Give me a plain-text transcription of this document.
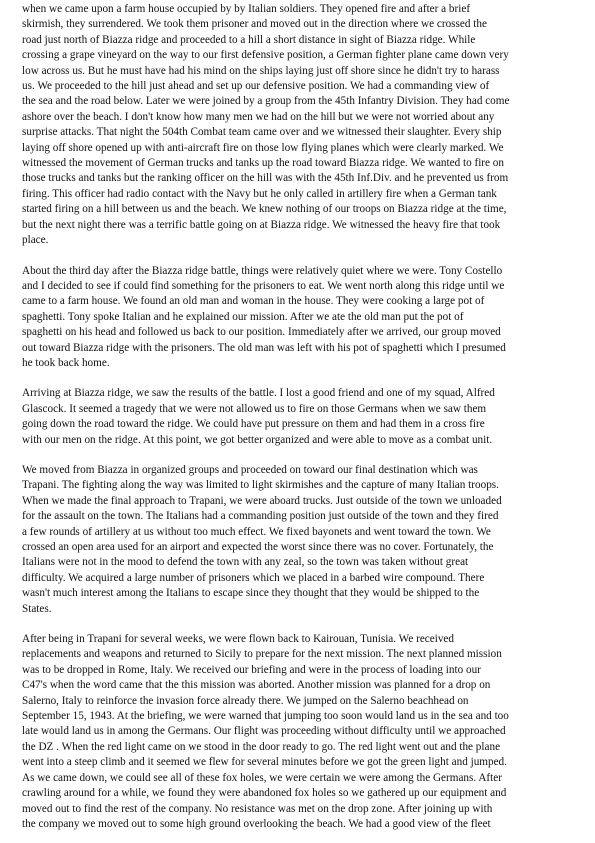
when we came upon a farm house occupied by by Italian soldiers. They opened fire and after a brief
skirmish, they surrendered. We took them prisoner and moved out in the direction where we crossed the
road just north of Biazza ridge and proceeded to a hill a short distance in sight of Biazza ridge. While
crossing a grape vineyard on the way to our first defensive position, a German fighter plane came down very
low across us. But he must have had his mind on the ships laying just off shore since he didn't try to harass
us. We proceeded to the hill just ahead and set up our defensive position. We had a commanding view of
the sea and the road below. Later we were joined by a group from the 45th Infantry Division. They had come
ashore over the beach. I don't know how many men we had on the hill but we were not worried about any
surprise attacks. That night the 504th Combat team came over and we witnessed their slaughter. Every ship
laying off shore opened up with anti-aircraft fire on those low flying planes which were clearly marked. We
witnessed the movement of German trucks and tanks up the road toward Biazza ridge. We wanted to fire on
those trucks and tanks but the ranking officer on the hill was with the 45th Inf.Div. and he prevented us from
firing. This officer had radio contact with the Navy but he only called in artillery fire when a German tank
started firing on a hill between us and the beach. We knew nothing of our troops on Biazza ridge at the time,
but the next night there was a terrific battle going on at Biazza ridge. We witnessed the heavy fire that took
place.
About the third day after the Biazza ridge battle, things were relatively quiet where we were. Tony Costello
and I decided to see if could find something for the prisoners to eat. We went north along this ridge until we
came to a farm house. We found an old man and woman in the house. They were cooking a large pot of
spaghetti. Tony spoke Italian and he explained our mission. After we ate the old man put the pot of
spaghetti on his head and followed us back to our position. Immediately after we arrived, our group moved
out toward Biazza ridge with the prisoners. The old man was left with his pot of spaghetti which I presumed
he took back home.
Arriving at Biazza ridge, we saw the results of the battle. I lost a good friend and one of my squad, Alfred
Glascock. It seemed a tragedy that we were not allowed us to fire on those Germans when we saw them
going down the road toward the ridge. We could have put pressure on them and had them in a cross fire
with our men on the ridge. At this point, we got better organized and were able to move as a combat unit.
We moved from Biazza in organized groups and proceeded on toward our final destination which was
Trapani. The fighting along the way was limited to light skirmishes and the capture of many Italian troops.
When we made the final approach to Trapani, we were aboard trucks. Just outside of the town we unloaded
for the assault on the town. The Italians had a commanding position just outside of the town and they fired
a few rounds of artillery at us without too much effect. We fixed bayonets and went toward the town. We
crossed an open area used for an airport and expected the worst since there was no cover. Fortunately, the
Italians were not in the mood to defend the town with any zeal, so the town was taken without great
difficulty. We acquired a large number of prisoners which we placed in a barbed wire compound. There
wasn't much interest among the Italians to escape since they thought that they would be shipped to the
States.
After being in Trapani for several weeks, we were flown back to Kairouan, Tunisia. We received
replacements and weapons and returned to Sicily to prepare for the next mission. The next planned mission
was to be dropped in Rome, Italy. We received our briefing and were in the process of loading into our
C47's when the word came that the this mission was aborted. Another mission was planned for a drop on
Salerno, Italy to reinforce the invasion force already there. We jumped on the Salerno beachhead on
September 15, 1943. At the briefing, we were warned that jumping too soon would land us in the sea and too
late would land us in among the Germans. Our flight was proceeding without difficulty until we approached
the DZ . When the red light came on we stood in the door ready to go. The red light went out and the plane
went into a steep climb and it seemed we flew for several minutes before we got the green light and jumped.
As we came down, we could see all of these fox holes, we were certain we were among the Germans. After
crawling around for a while, we found they were abandoned fox holes so we gathered up our equipment and
moved out to find the rest of the company. No resistance was met on the drop zone. After joining up with
the company we moved out to some high ground overlooking the beach. We had a good view of the fleet
